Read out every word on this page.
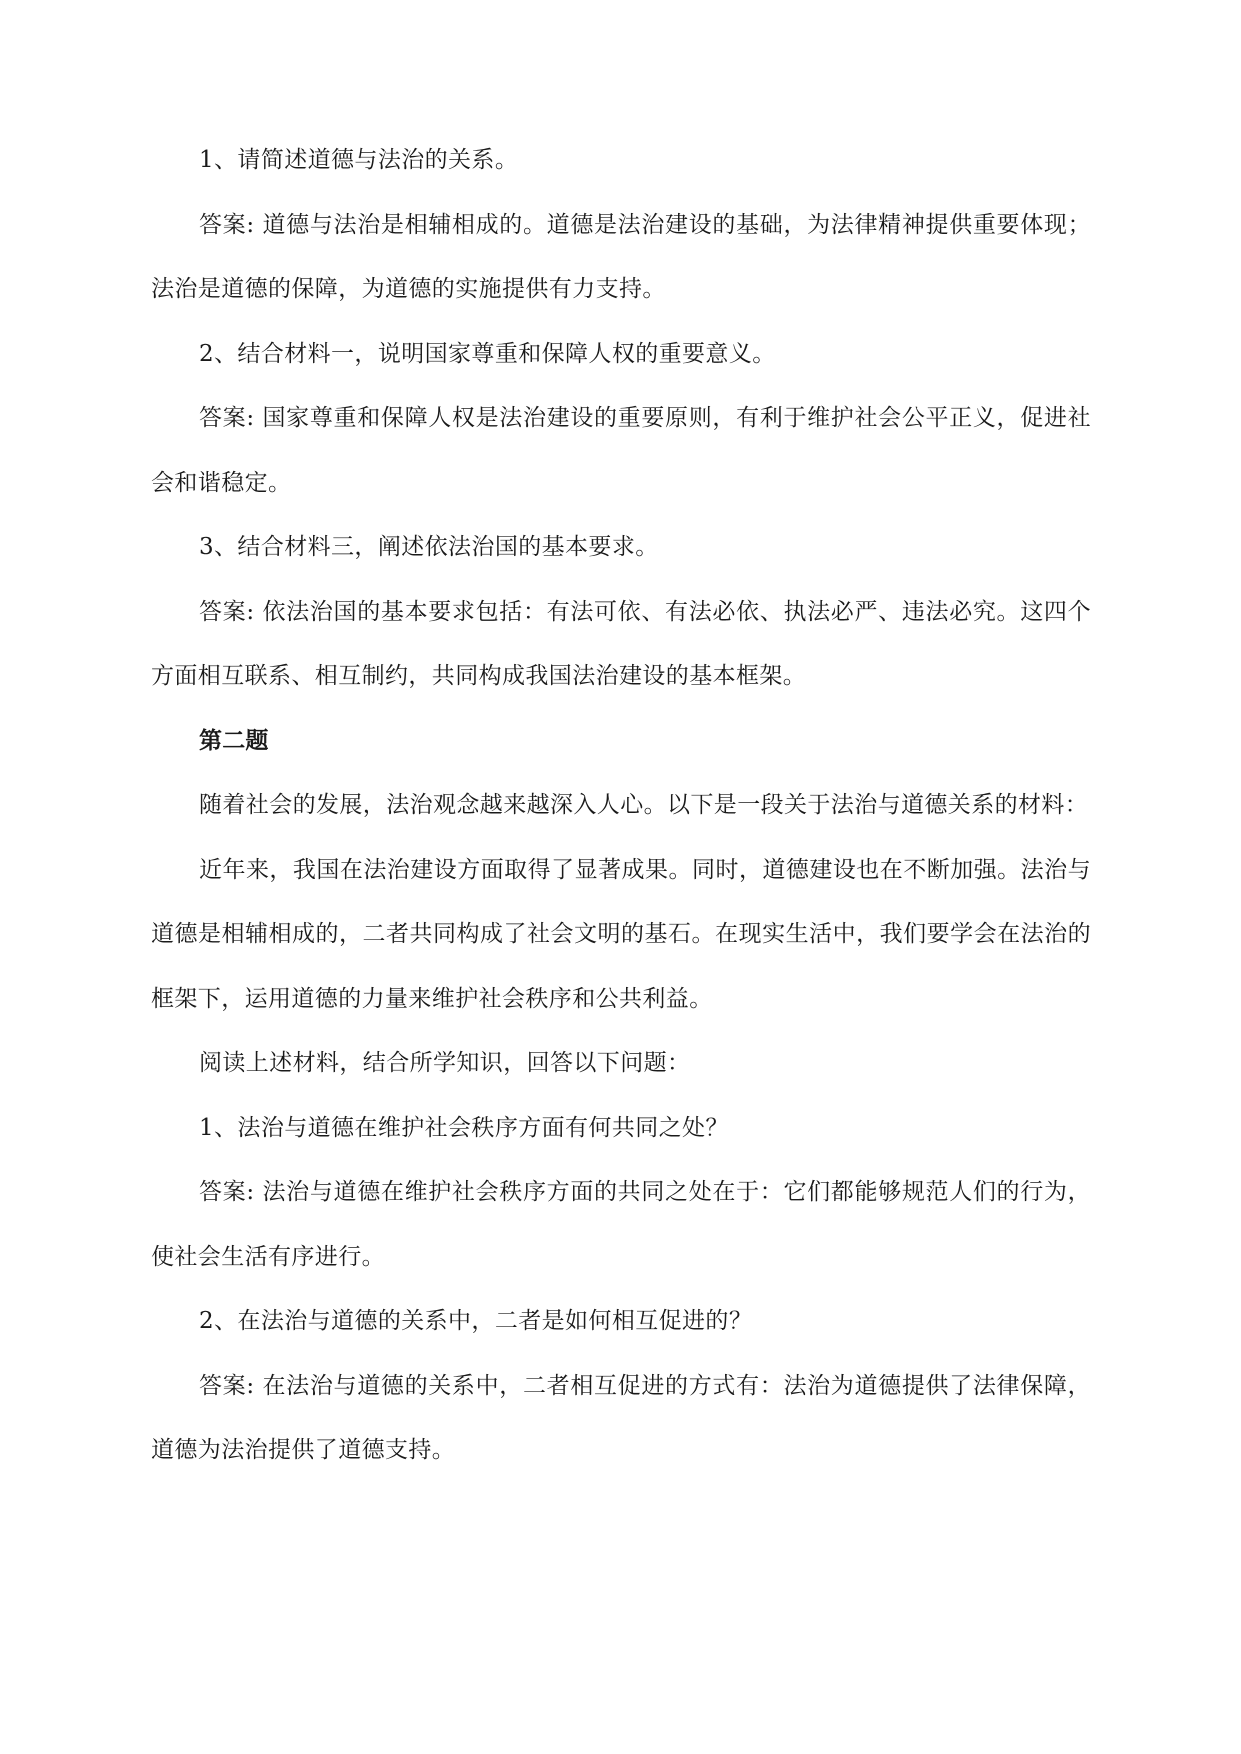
1、请简述道德与法治的关系。

答案: 道德与法治是相辅相成的。道德是法治建设的基础，为法律精神提供重要体现；法治是道德的保障，为道德的实施提供有力支持。

2、结合材料一，说明国家尊重和保障人权的重要意义。

答案: 国家尊重和保障人权是法治建设的重要原则，有利于维护社会公平正义，促进社会和谐稳定。

3、结合材料三，阐述依法治国的基本要求。

答案: 依法治国的基本要求包括：有法可依、有法必依、执法必严、违法必究。这四个方面相互联系、相互制约，共同构成我国法治建设的基本框架。

第二题

随着社会的发展，法治观念越来越深入人心。以下是一段关于法治与道德关系的材料：

近年来，我国在法治建设方面取得了显著成果。同时，道德建设也在不断加强。法治与道德是相辅相成的，二者共同构成了社会文明的基石。在现实生活中，我们要学会在法治的框架下，运用道德的力量来维护社会秩序和公共利益。

阅读上述材料，结合所学知识，回答以下问题：

1、法治与道德在维护社会秩序方面有何共同之处？

答案: 法治与道德在维护社会秩序方面的共同之处在于：它们都能够规范人们的行为，使社会生活有序进行。

2、在法治与道德的关系中，二者是如何相互促进的？

答案: 在法治与道德的关系中，二者相互促进的方式有：法治为道德提供了法律保障，道德为法治提供了道德支持。
